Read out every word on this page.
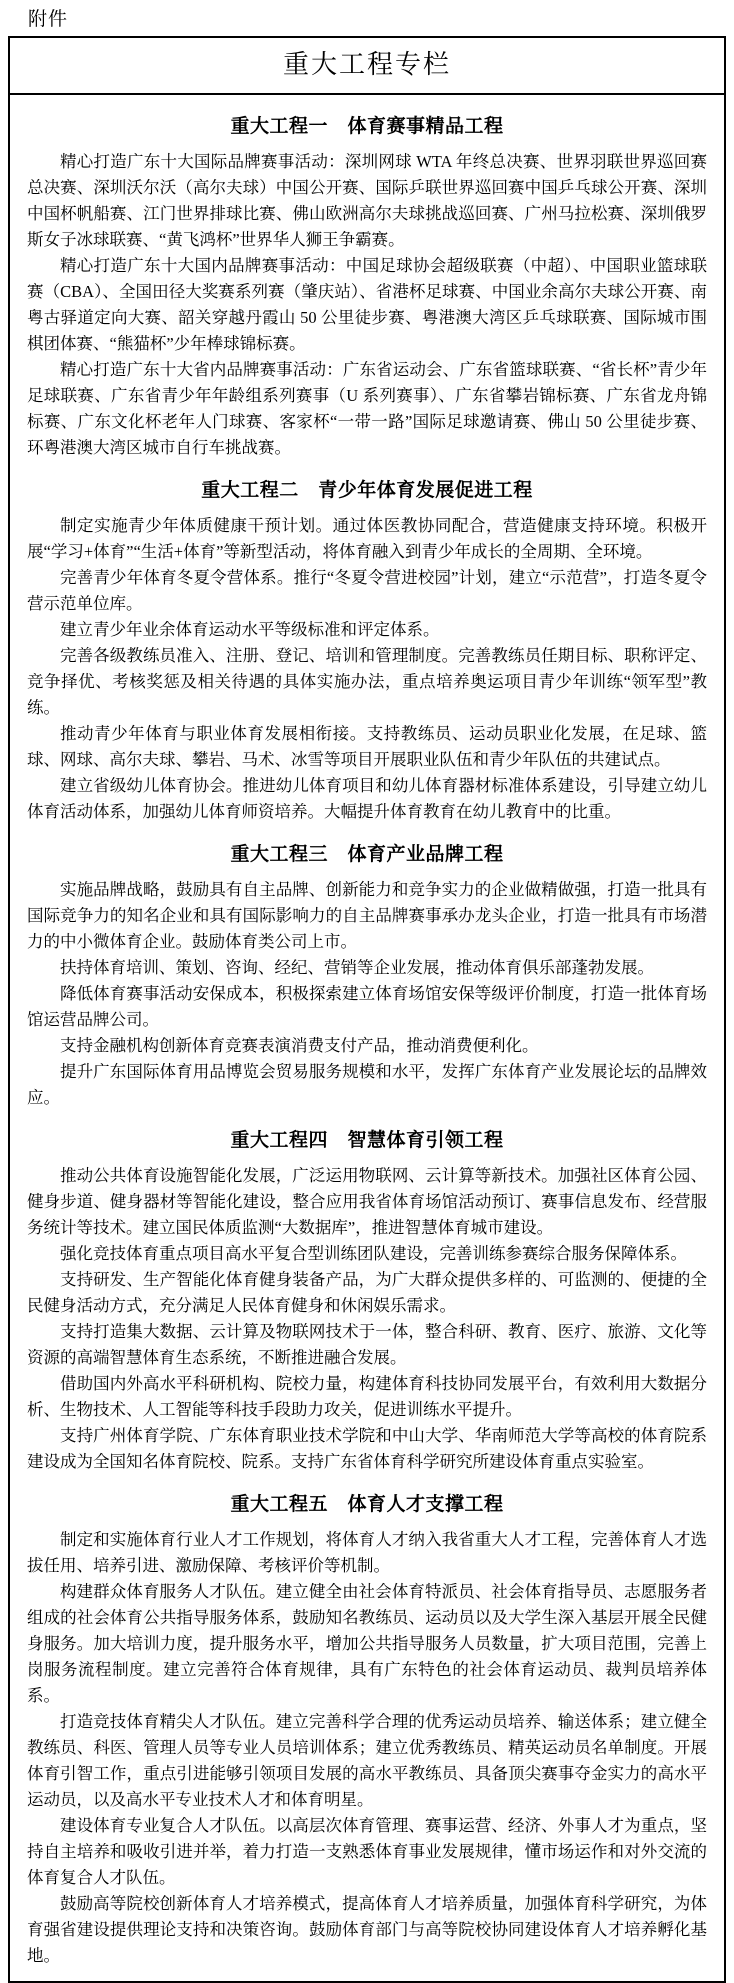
附件
重大工程专栏
重大工程一　体育赛事精品工程

精心打造广东十大国际品牌赛事活动：深圳网球 WTA 年终总决赛、世界羽联世界巡回赛总决赛、深圳沃尔沃（高尔夫球）中国公开赛、国际乒联世界巡回赛中国乒乓球公开赛、深圳中国杯帆船赛、江门世界排球比赛、佛山欧洲高尔夫球挑战巡回赛、广州马拉松赛、深圳俄罗斯女子冰球联赛、“黄飞鸿杯”世界华人狮王争霸赛。

精心打造广东十大国内品牌赛事活动：中国足球协会超级联赛（中超）、中国职业篮球联赛（CBA）、全国田径大奖赛系列赛（肇庆站）、省港杯足球赛、中国业余高尔夫球公开赛、南粤古驿道定向大赛、韶关穿越丹霞山 50 公里徒步赛、粤港澳大湾区乒乓球联赛、国际城市围棋团体赛、“熊猫杯”少年棒球锦标赛。

精心打造广东十大省内品牌赛事活动：广东省运动会、广东省篮球联赛、“省长杯”青少年足球联赛、广东省青少年年龄组系列赛事（U 系列赛事）、广东省攀岩锦标赛、广东省龙舟锦标赛、广东文化杯老年人门球赛、客家杯“一带一路”国际足球邀请赛、佛山 50 公里徒步赛、环粤港澳大湾区城市自行车挑战赛。

重大工程二　青少年体育发展促进工程

制定实施青少年体质健康干预计划。通过体医教协同配合，营造健康支持环境。积极开展“学习+体育”“生活+体育”等新型活动，将体育融入到青少年成长的全周期、全环境。

完善青少年体育冬夏令营体系。推行“冬夏令营进校园”计划，建立“示范营”，打造冬夏令营示范单位库。

建立青少年业余体育运动水平等级标准和评定体系。

完善各级教练员准入、注册、登记、培训和管理制度。完善教练员任期目标、职称评定、竞争择优、考核奖惩及相关待遇的具体实施办法，重点培养奥运项目青少年训练“领军型”教练。

推动青少年体育与职业体育发展相衔接。支持教练员、运动员职业化发展，在足球、篮球、网球、高尔夫球、攀岩、马术、冰雪等项目开展职业队伍和青少年队伍的共建试点。

建立省级幼儿体育协会。推进幼儿体育项目和幼儿体育器材标准体系建设，引导建立幼儿体育活动体系，加强幼儿体育师资培养。大幅提升体育教育在幼儿教育中的比重。

重大工程三　体育产业品牌工程

实施品牌战略，鼓励具有自主品牌、创新能力和竞争实力的企业做精做强，打造一批具有国际竞争力的知名企业和具有国际影响力的自主品牌赛事承办龙头企业，打造一批具有市场潜力的中小微体育企业。鼓励体育类公司上市。

扶持体育培训、策划、咨询、经纪、营销等企业发展，推动体育俱乐部蓬勃发展。

降低体育赛事活动安保成本，积极探索建立体育场馆安保等级评价制度，打造一批体育场馆运营品牌公司。

支持金融机构创新体育竞赛表演消费支付产品，推动消费便利化。

提升广东国际体育用品博览会贸易服务规模和水平，发挥广东体育产业发展论坛的品牌效应。

重大工程四　智慧体育引领工程

推动公共体育设施智能化发展，广泛运用物联网、云计算等新技术。加强社区体育公园、健身步道、健身器材等智能化建设，整合应用我省体育场馆活动预订、赛事信息发布、经营服务统计等技术。建立国民体质监测“大数据库”，推进智慧体育城市建设。

强化竞技体育重点项目高水平复合型训练团队建设，完善训练参赛综合服务保障体系。

支持研发、生产智能化体育健身装备产品，为广大群众提供多样的、可监测的、便捷的全民健身活动方式，充分满足人民体育健身和休闲娱乐需求。

支持打造集大数据、云计算及物联网技术于一体，整合科研、教育、医疗、旅游、文化等资源的高端智慧体育生态系统，不断推进融合发展。

借助国内外高水平科研机构、院校力量，构建体育科技协同发展平台，有效利用大数据分析、生物技术、人工智能等科技手段助力攻关，促进训练水平提升。

支持广州体育学院、广东体育职业技术学院和中山大学、华南师范大学等高校的体育院系建设成为全国知名体育院校、院系。支持广东省体育科学研究所建设体育重点实验室。

重大工程五　体育人才支撑工程

制定和实施体育行业人才工作规划，将体育人才纳入我省重大人才工程，完善体育人才选拔任用、培养引进、激励保障、考核评价等机制。

构建群众体育服务人才队伍。建立健全由社会体育特派员、社会体育指导员、志愿服务者组成的社会体育公共指导服务体系，鼓励知名教练员、运动员以及大学生深入基层开展全民健身服务。加大培训力度，提升服务水平，增加公共指导服务人员数量，扩大项目范围，完善上岗服务流程制度。建立完善符合体育规律，具有广东特色的社会体育运动员、裁判员培养体系。

打造竞技体育精尖人才队伍。建立完善科学合理的优秀运动员培养、输送体系；建立健全教练员、科医、管理人员等专业人员培训体系；建立优秀教练员、精英运动员名单制度。开展体育引智工作，重点引进能够引领项目发展的高水平教练员、具备顶尖赛事夺金实力的高水平运动员，以及高水平专业技术人才和体育明星。

建设体育专业复合人才队伍。以高层次体育管理、赛事运营、经济、外事人才为重点，坚持自主培养和吸收引进并举，着力打造一支熟悉体育事业发展规律，懂市场运作和对外交流的体育复合人才队伍。

鼓励高等院校创新体育人才培养模式，提高体育人才培养质量，加强体育科学研究，为体育强省建设提供理论支持和决策咨询。鼓励体育部门与高等院校协同建设体育人才培养孵化基地。
